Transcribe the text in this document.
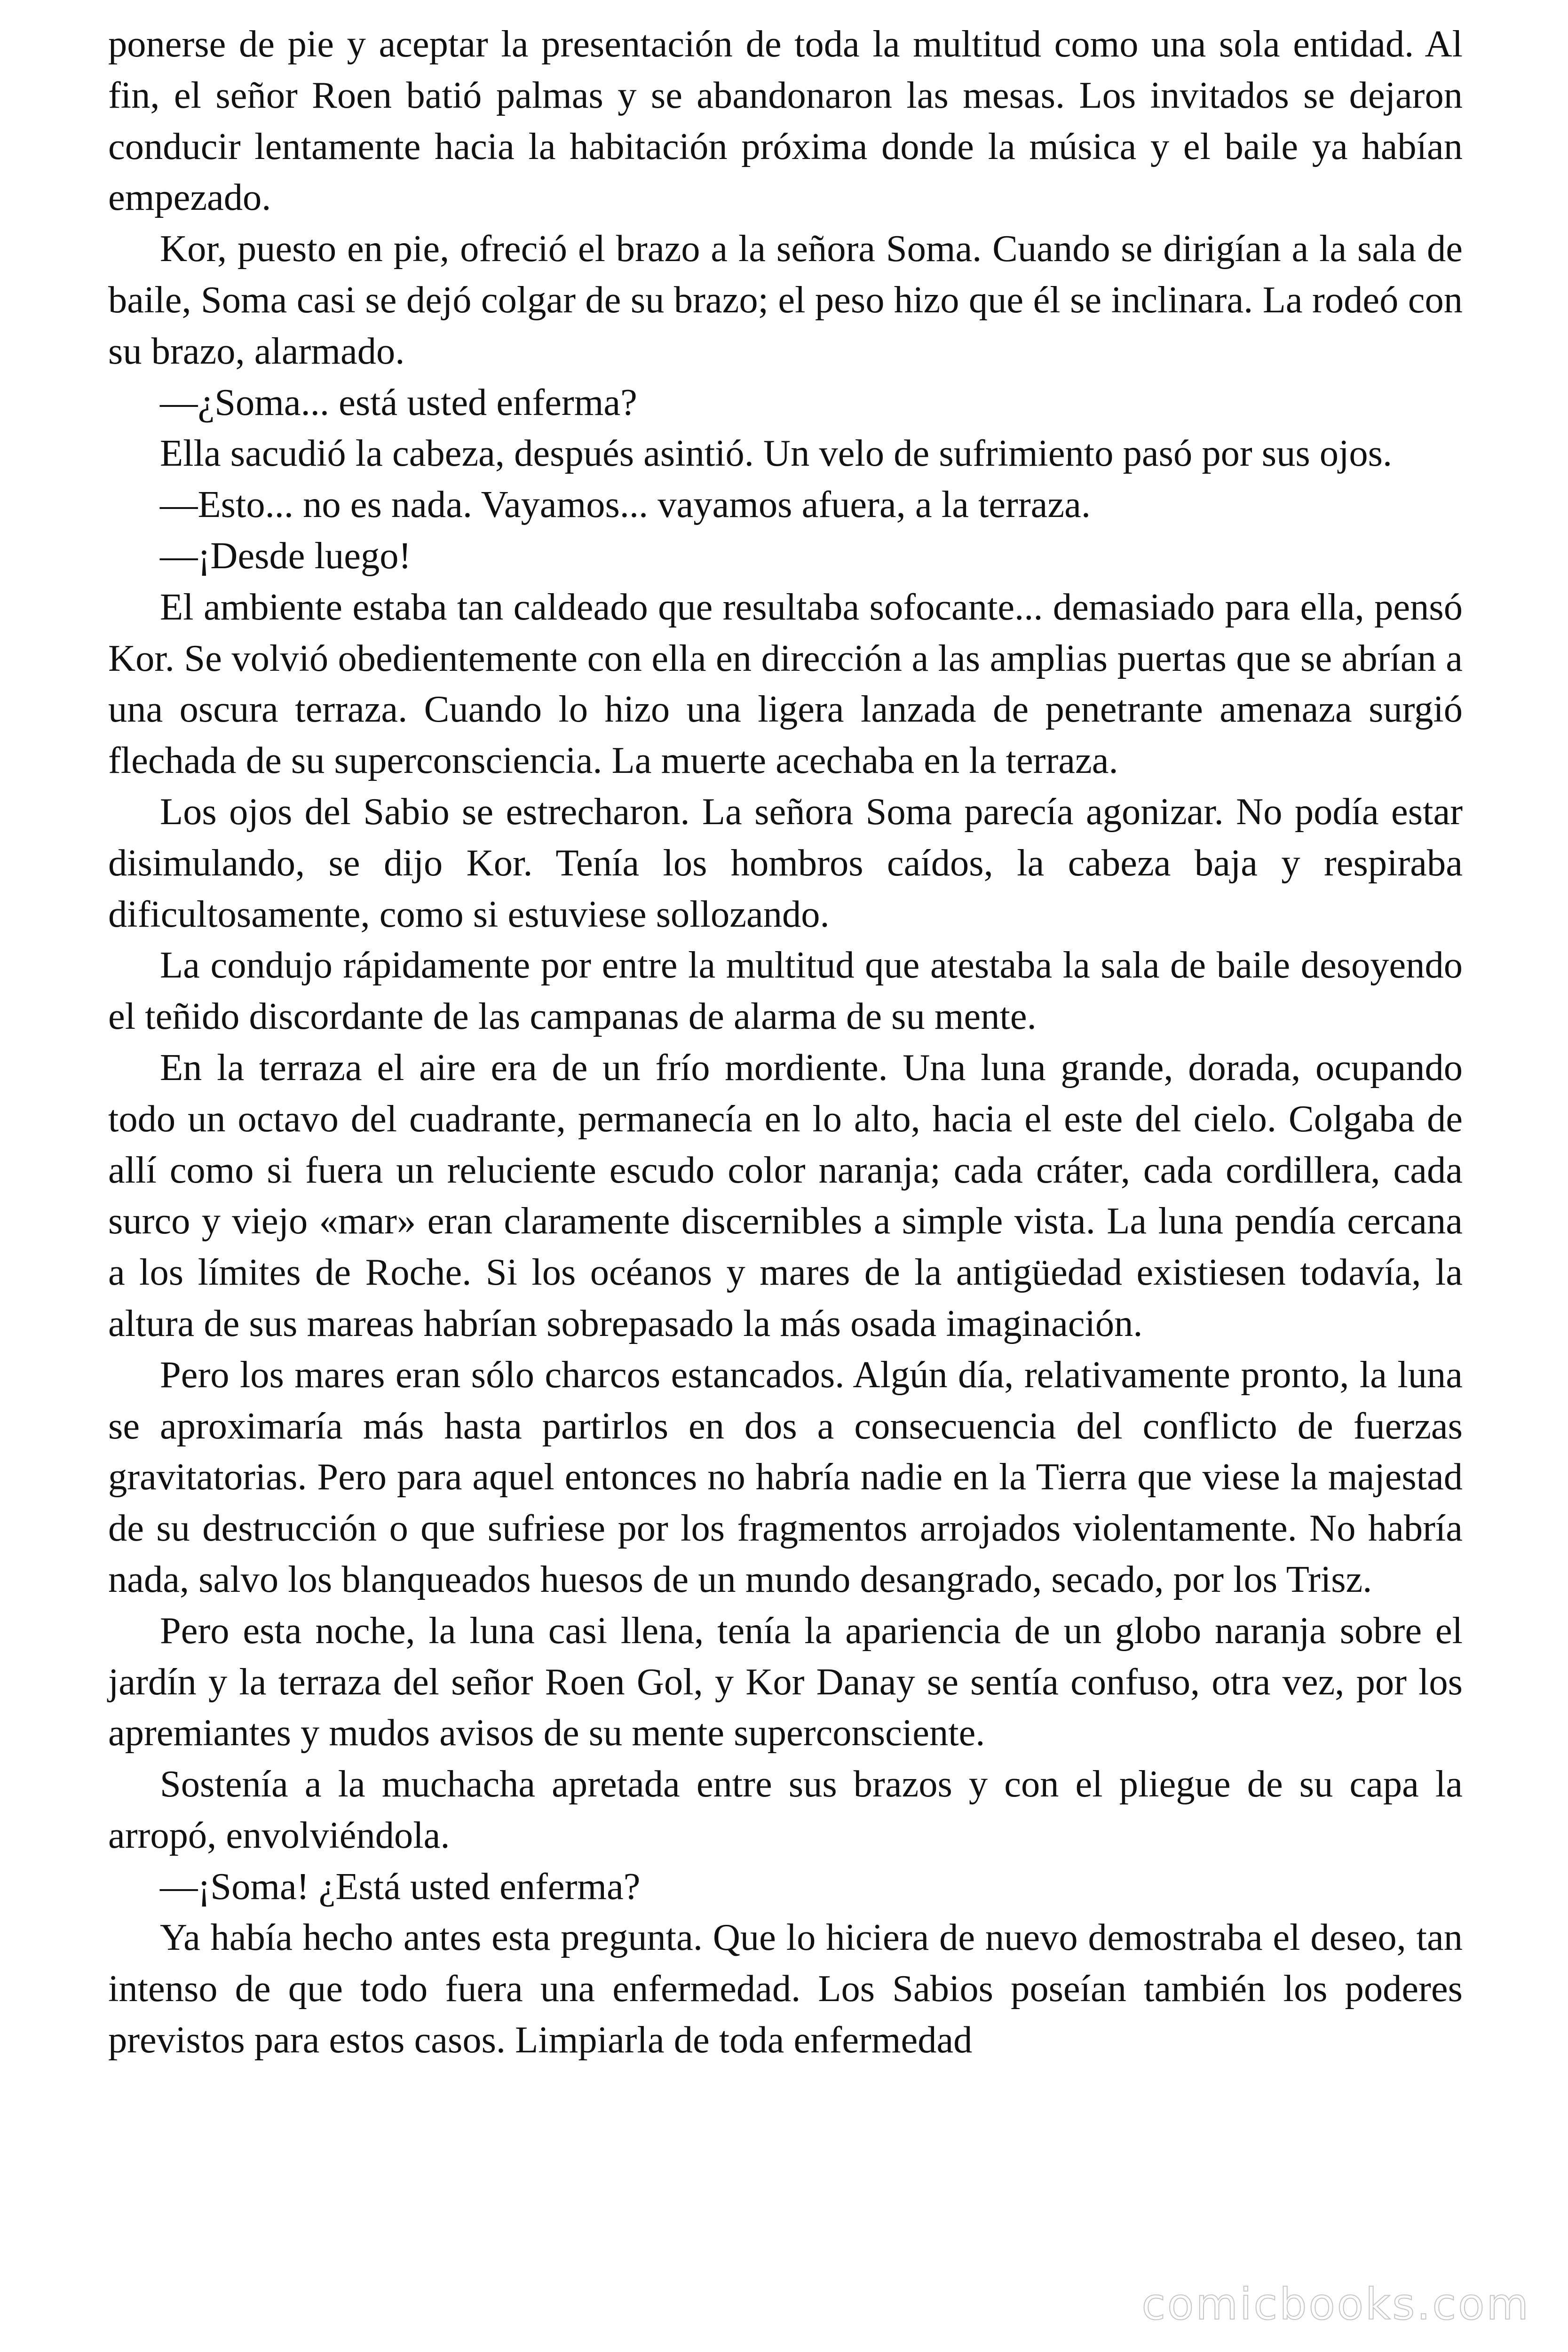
ponerse de pie y aceptar la presentación de toda la multitud como una sola entidad. Al fin, el señor Roen batió palmas y se abandonaron las mesas. Los invitados se dejaron conducir lentamente hacia la habitación próxima donde la música y el baile ya habían empezado.

Kor, puesto en pie, ofreció el brazo a la señora Soma. Cuando se dirigían a la sala de baile, Soma casi se dejó colgar de su brazo; el peso hizo que él se inclinara. La rodeó con su brazo, alarmado.

—¿Soma... está usted enferma?

Ella sacudió la cabeza, después asintió. Un velo de sufrimiento pasó por sus ojos.

—Esto... no es nada. Vayamos... vayamos afuera, a la terraza.

—¡Desde luego!

El ambiente estaba tan caldeado que resultaba sofocante... demasiado para ella, pensó Kor. Se volvió obedientemente con ella en dirección a las amplias puertas que se abrían a una oscura terraza. Cuando lo hizo una ligera lanzada de penetrante amenaza surgió flechada de su superconsciencia. La muerte acechaba en la terraza.

Los ojos del Sabio se estrecharon. La señora Soma parecía agonizar. No podía estar disimulando, se dijo Kor. Tenía los hombros caídos, la cabeza baja y respiraba dificultosamente, como si estuviese sollozando.

La condujo rápidamente por entre la multitud que atestaba la sala de baile desoyendo el teñido discordante de las campanas de alarma de su mente.

En la terraza el aire era de un frío mordiente. Una luna grande, dorada, ocupando todo un octavo del cuadrante, permanecía en lo alto, hacia el este del cielo. Colgaba de allí como si fuera un reluciente escudo color naranja; cada cráter, cada cordillera, cada surco y viejo «mar» eran claramente discernibles a simple vista. La luna pendía cercana a los límites de Roche. Si los océanos y mares de la antigüedad existiesen todavía, la altura de sus mareas habrían sobrepasado la más osada imaginación.

Pero los mares eran sólo charcos estancados. Algún día, relativamente pronto, la luna se aproximaría más hasta partirlos en dos a consecuencia del conflicto de fuerzas gravitatorias. Pero para aquel entonces no habría nadie en la Tierra que viese la majestad de su destrucción o que sufriese por los fragmentos arrojados violentamente. No habría nada, salvo los blanqueados huesos de un mundo desangrado, secado, por los Trisz.

Pero esta noche, la luna casi llena, tenía la apariencia de un globo naranja sobre el jardín y la terraza del señor Roen Gol, y Kor Danay se sentía confuso, otra vez, por los apremiantes y mudos avisos de su mente superconsciente.

Sostenía a la muchacha apretada entre sus brazos y con el pliegue de su capa la arropó, envolviéndola.

—¡Soma! ¿Está usted enferma?

Ya había hecho antes esta pregunta. Que lo hiciera de nuevo demostraba el deseo, tan intenso de que todo fuera una enfermedad. Los Sabios poseían también los poderes previstos para estos casos. Limpiarla de toda enfermedad

comicbooks.com
